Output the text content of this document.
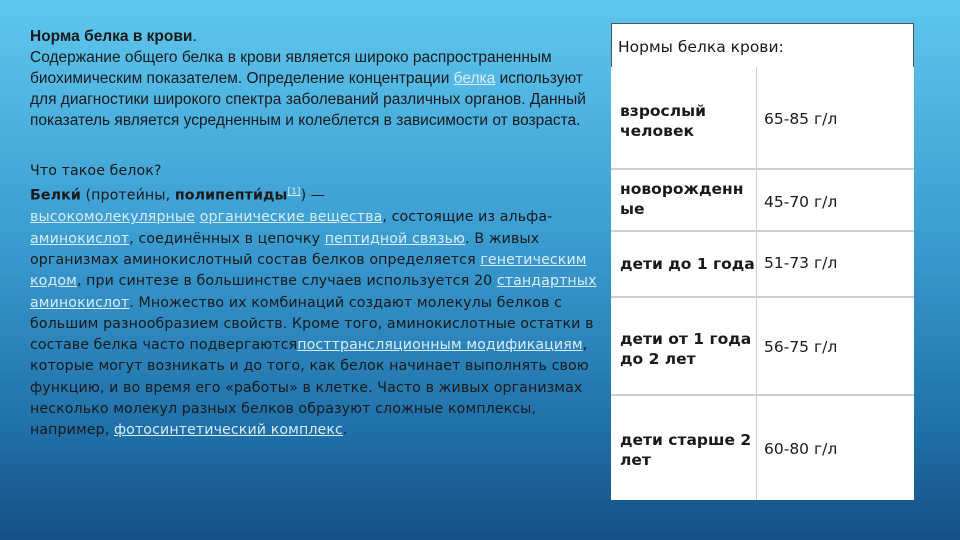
Норма белка в крови.
Содержание общего белка в крови является широко распространенным биохимическим показателем. Определение концентрации белка используют для диагностики широкого спектра заболеваний различных органов. Данный показатель является усредненным и колеблется в зависимости от возраста.

Что такое белок?
Белки́ (протеи́ны, полипепти́ды[1]) —
высокомолекулярные органические вещества, состоящие из альфа-аминокислот, соединённых в цепочку пептидной связью. В живых организмах аминокислотный состав белков определяется генетическим кодом, при синтезе в большинстве случаев используется 20 стандартных аминокислот. Множество их комбинаций создают молекулы белков с большим разнообразием свойств. Кроме того, аминокислотные остатки в составе белка часто подвергаютсяпосттрансляционным модификациям, которые могут возникать и до того, как белок начинает выполнять свою функцию, и во время его «работы» в клетке. Часто в живых организмах несколько молекул разных белков образуют сложные комплексы, например, фотосинтетический комплекс.

Нормы белка крови:
взрослый человек
65-85 г/л
новорожденн ые	45-70 г/л
дети до 1 года 51-73 г/л
дети от 1 года до 2 лет
56-75 г/л
дети старше 2 лет
60-80 г/л
